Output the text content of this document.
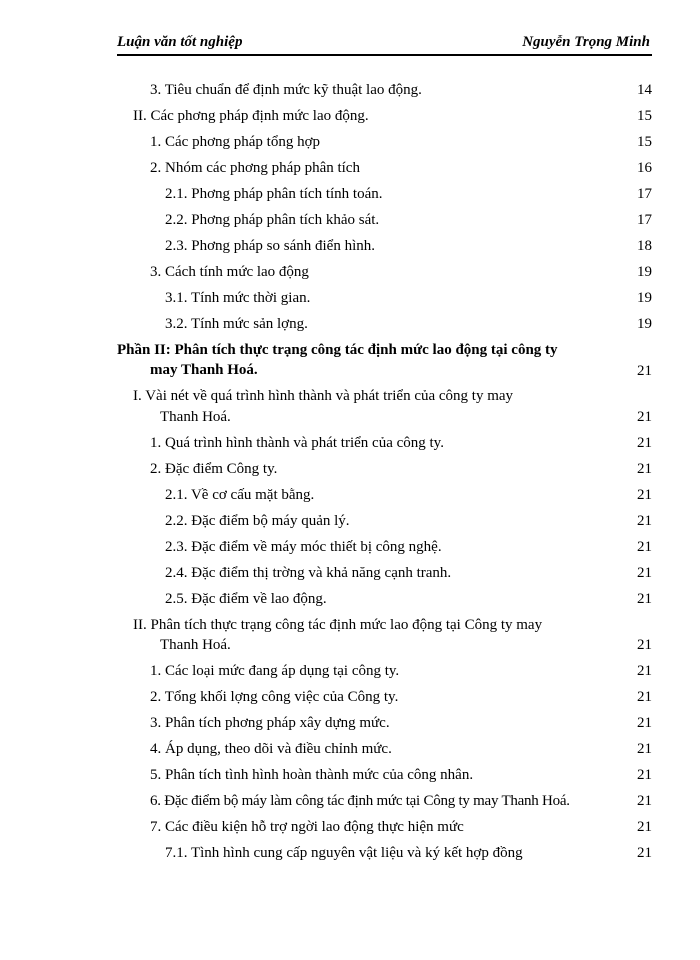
Luận văn tốt nghiệp	Nguyễn Trọng Minh
3. Tiêu chuẩn để định mức kỹ thuật lao động.	14
II. Các phơng pháp định mức lao động.	15
1. Các phơng pháp tổng hợp	15
2. Nhóm các phơng pháp phân tích	16
2.1. Phơng pháp phân tích tính toán.	17
2.2. Phơng pháp phân tích khảo sát.	17
2.3. Phơng pháp so sánh điển hình.	18
3. Cách tính mức lao động	19
3.1. Tính mức thời gian.	19
3.2. Tính mức sản lợng.	19
Phần II: Phân tích thực trạng công tác định mức lao động tại công ty
may Thanh Hoá.	21
I. Vài nét về quá trình hình thành và phát triển của công ty may
Thanh Hoá.	21
1. Quá trình hình thành và phát triển của công ty.	21
2. Đặc điểm Công ty.	21
2.1. Về cơ cấu mặt bằng.	21
2.2. Đặc điểm bộ máy quản lý.	21
2.3. Đặc điểm về máy móc thiết bị công nghệ.	21
2.4. Đặc điểm thị trờng và khả năng cạnh tranh.	21
2.5. Đặc điểm về lao động.	21
II. Phân tích thực trạng công tác định mức lao động tại Công ty may
Thanh Hoá.	21
1. Các loại mức đang áp dụng tại công ty.	21
2. Tổng khối lợng công việc của Công ty.	21
3. Phân tích phơng pháp xây dựng mức.	21
4. Áp dụng, theo dõi và điều chỉnh mức.	21
5. Phân tích tình hình hoàn thành mức của công nhân.	21
6. Đặc điểm bộ máy làm công tác định mức tại Công ty may Thanh Hoá.	21
7. Các điều kiện hỗ trợ ngời lao động thực hiện mức	21
7.1. Tình hình cung cấp nguyên vật liệu và ký kết hợp đồng	21
